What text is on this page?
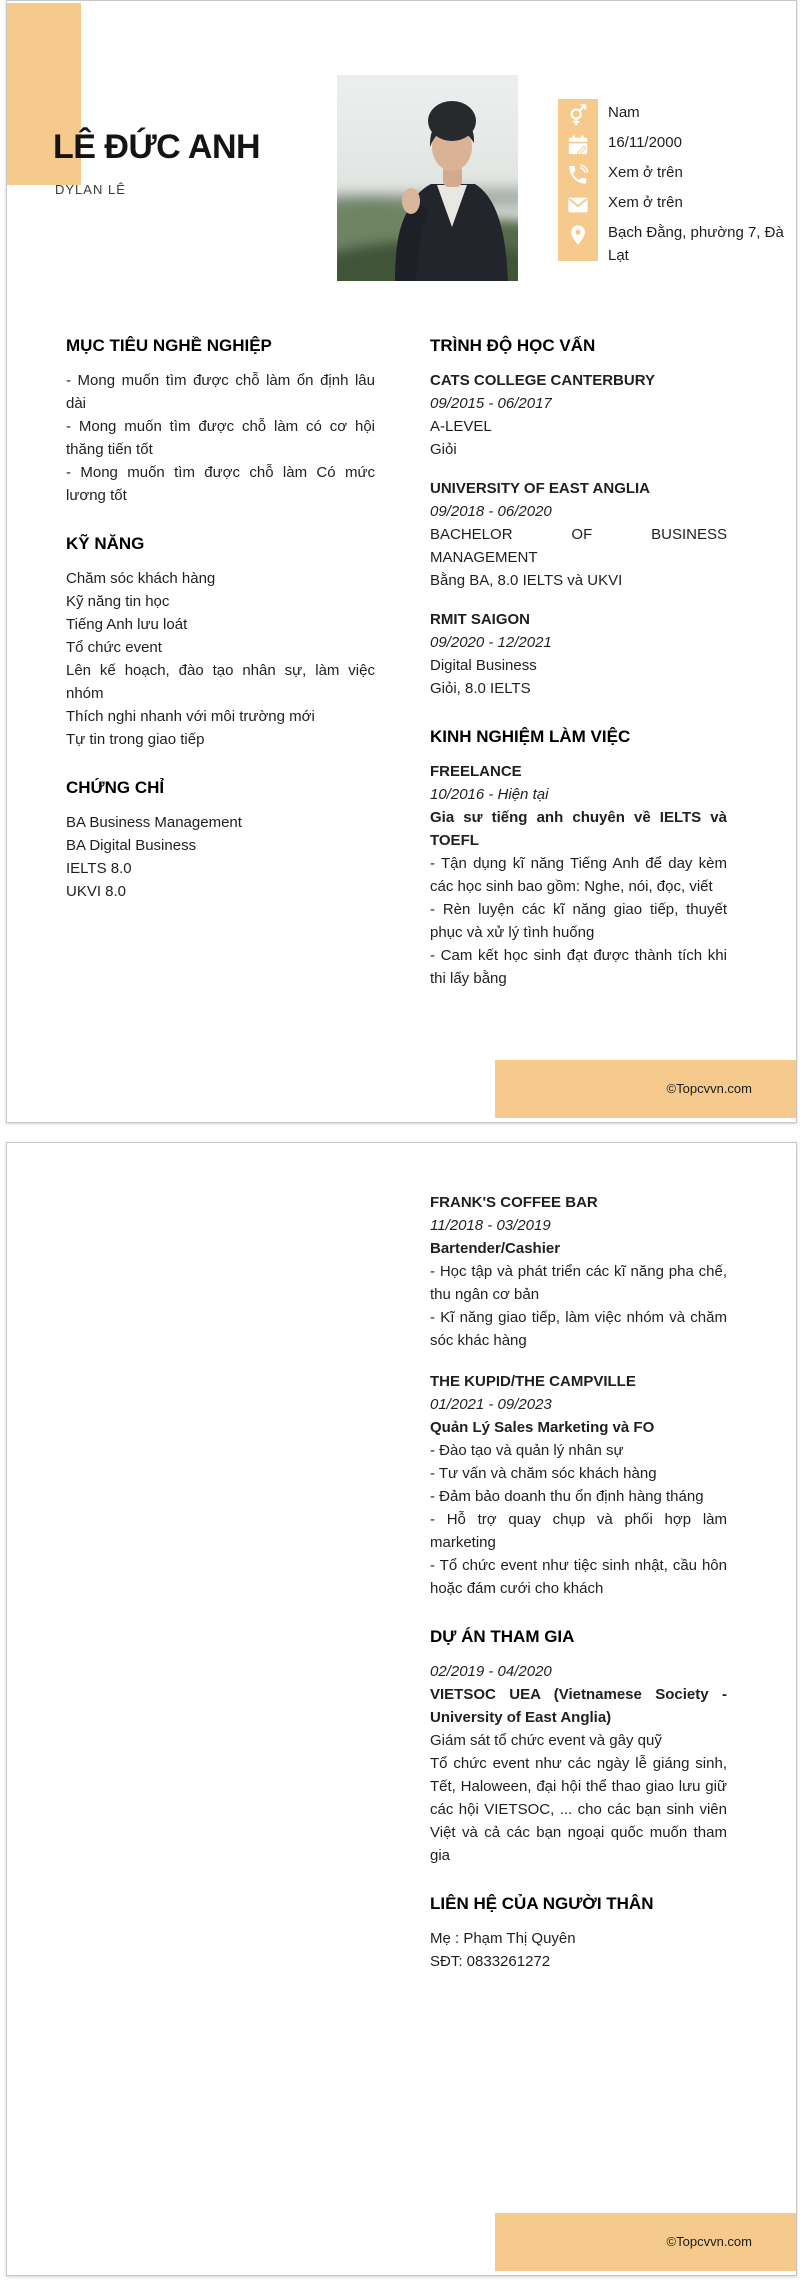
LÊ ĐỨC ANH
DYLAN LÊ
Nam
16/11/2000
Xem ở trên
Xem ở trên
Bạch Đằng, phường 7, Đà Lạt
MỤC TIÊU NGHỀ NGHIỆP

- Mong muốn tìm được chỗ làm ổn định lâu dài

- Mong muốn tìm được chỗ làm có cơ hội thăng tiến tốt

- Mong muốn tìm được chỗ làm Có mức lương tốt

KỸ NĂNG

Chăm sóc khách hàng

Kỹ năng tin học

Tiếng Anh lưu loát

Tổ chức event

Lên kế hoạch, đào tạo nhân sự, làm việc nhóm

Thích nghi nhanh với môi trường mới

Tự tin trong giao tiếp

CHỨNG CHỈ

BA Business Management

BA Digital Business

IELTS 8.0

UKVI 8.0

TRÌNH ĐỘ HỌC VẤN
CATS COLLEGE CANTERBURY
09/2015 - 06/2017
A-LEVEL
Giỏi
UNIVERSITY OF EAST ANGLIA
09/2018 - 06/2020
BACHELOR OF BUSINESS MANAGEMENT
Bằng BA, 8.0 IELTS và UKVI
RMIT SAIGON
09/2020 - 12/2021
Digital Business
Giỏi, 8.0 IELTS
KINH NGHIỆM LÀM VIỆC
FREELANCE
10/2016 - Hiện tại
Gia sư tiếng anh chuyên về IELTS và TOEFL

- Tận dụng kĩ năng Tiếng Anh để day kèm các học sinh bao gồm: Nghe, nói, đọc, viết

- Rèn luyện các kĩ năng giao tiếp, thuyết phục và xử lý tình huống

- Cam kết học sinh đạt được thành tích khi thi lấy bằng

©Topcvvn.com
FRANK'S COFFEE BAR
11/2018 - 03/2019
Bartender/Cashier

- Học tập và phát triển các kĩ năng pha chế, thu ngân cơ bản

- Kĩ năng giao tiếp, làm việc nhóm và chăm sóc khác hàng

THE KUPID/THE CAMPVILLE
01/2021 - 09/2023
Quản Lý Sales Marketing và FO

- Đào tạo và quản lý nhân sự

- Tư vấn và chăm sóc khách hàng

- Đảm bảo doanh thu ổn định hàng tháng

- Hỗ trợ quay chụp và phối hợp làm marketing

- Tổ chức event như tiệc sinh nhật, cầu hôn hoặc đám cưới cho khách

DỰ ÁN THAM GIA
02/2019 - 04/2020
VIETSOC UEA (Vietnamese Society - University of East Anglia)

Giám sát tổ chức event và gây quỹ

Tổ chức event như các ngày lễ giáng sinh, Tết, Haloween, đại hội thể thao giao lưu giữ các hội VIETSOC, ... cho các bạn sinh viên Việt và cả các bạn ngoại quốc muốn tham gia

LIÊN HỆ CỦA NGƯỜI THÂN

Mẹ : Phạm Thị Quyên

SĐT: 0833261272

©Topcvvn.com
